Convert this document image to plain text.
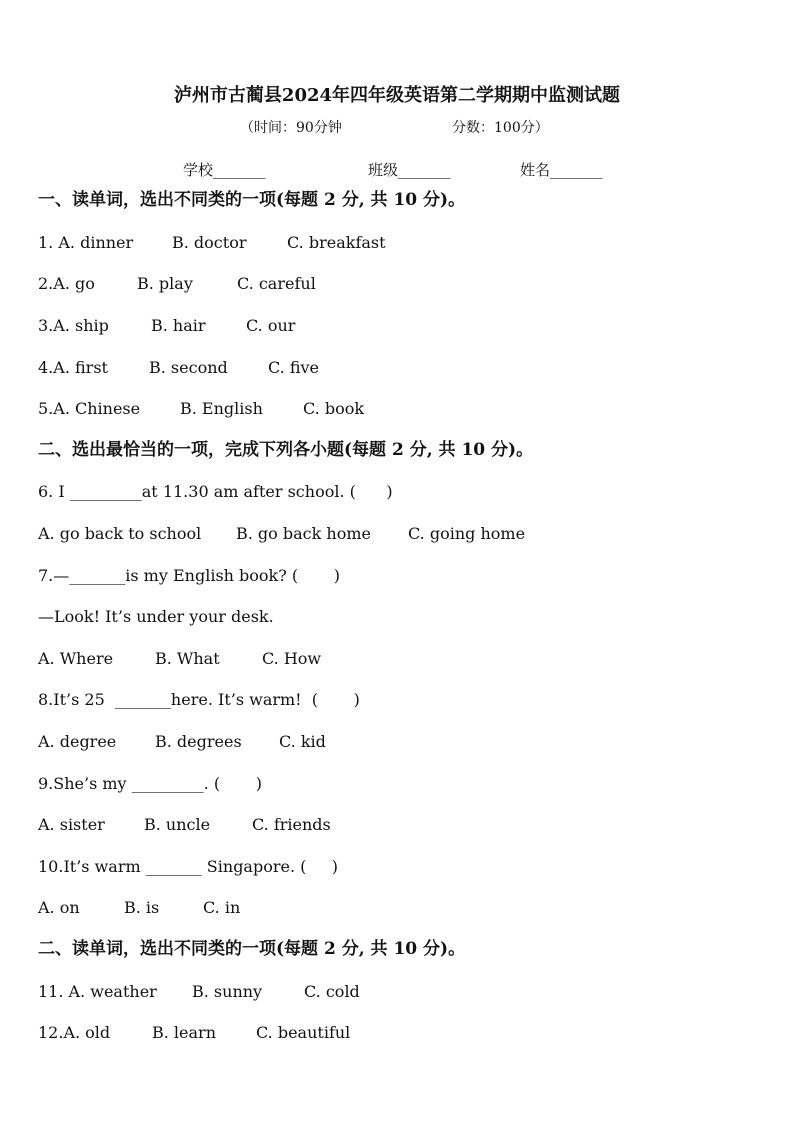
泸州市古蔺县2024年四年级英语第二学期期中监测试题
（时间：90分钟	分数：100分）
学校_______	班级_______	姓名_______
一、读单词，选出不同类的一项(每题 2 分, 共 10 分)。
1. A. dinner B. doctor	C. breakfast
2.A. go	B. play	C. careful
3.A. ship	B. hair	C. our
4.A. first	B. second	C. five
5.A. Chinese B. English	C. book
二、选出最恰当的一项，完成下列各小题(每题 2 分, 共 10 分)。
6. I _________at 11.30 am after school. (      )
A. go back to school B. go back home C. going home
7.—_______is my English book? (       )
—Look! It’s under your desk.
A. Where	B. What	C. How
8.It’s 25  _______here. It’s warm!  (       )
A. degree B. degrees C. kid
9.She’s my _________. (       )
A. sister B. uncle	C. friends
10.It’s warm _______ Singapore. (     )
A. on	B. is	C. in
二、读单词，选出不同类的一项(每题 2 分, 共 10 分)。
11. A. weather B. sunny	C. cold
12.A. old	B. learn C. beautiful
